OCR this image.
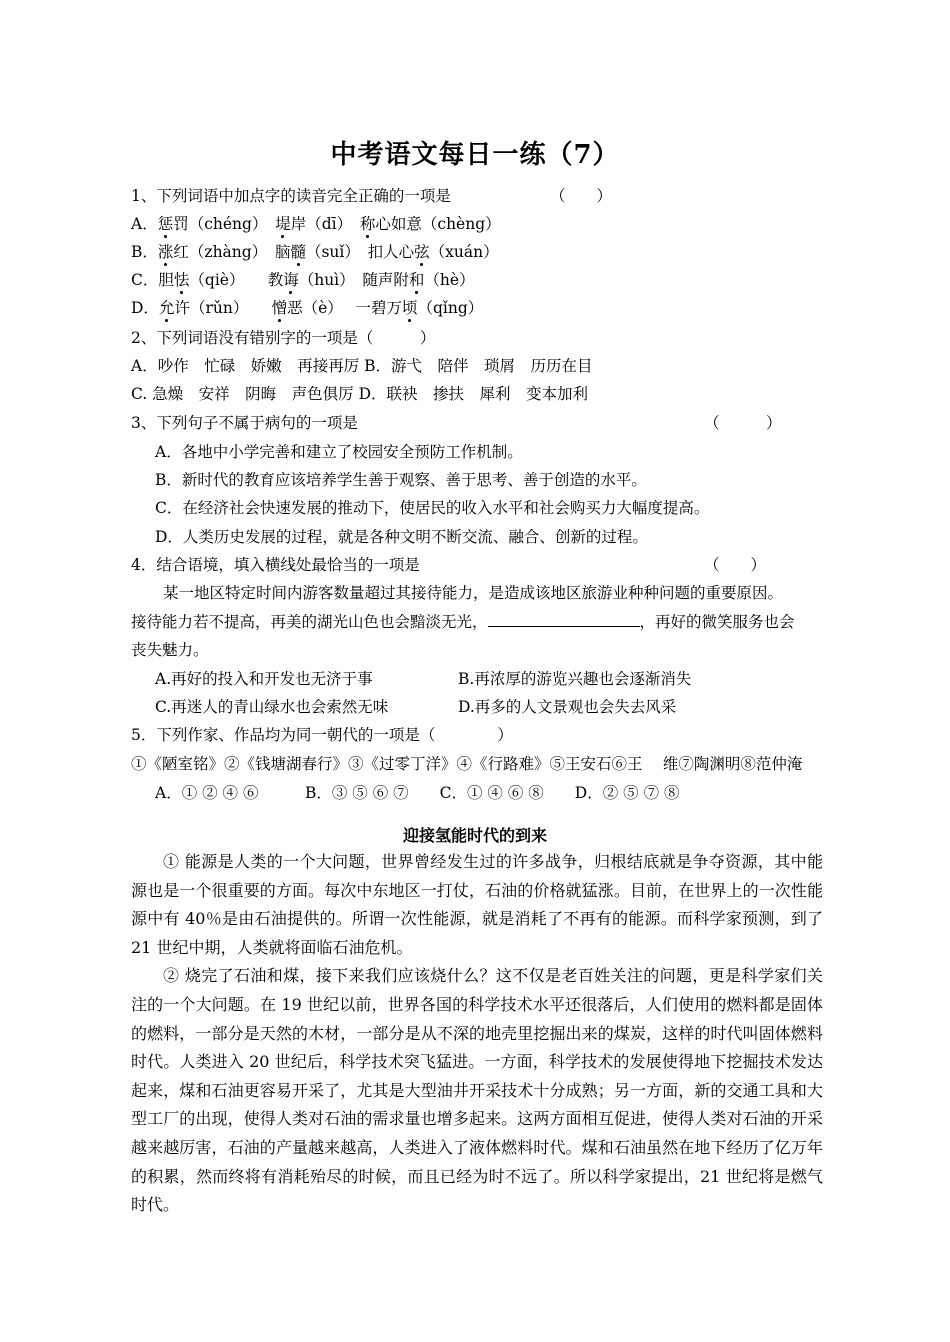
中考语文每日一练（7）
1、下列词语中加点字的读音完全正确的一项是	（　　）
A．惩罚（chéng）　堤岸（dī）　称心如意（chèng）
B．涨红（zhàng）　脑髓（suǐ）　扣人心弦（xuán）
C．胆怯（qiè）　　教诲（huì）　随声附和（hè）
D．允许（rǔn）　　憎恶（è）　 一碧万顷（qǐng）
2、下列词语没有错别字的一项是（　　　）
A．吵作　忙碌　娇嫩　再接再厉 B．游弋　陪伴　琐屑　历历在目
C. 急燥　安祥　阴晦　声色俱厉 D．联袂　掺扶　犀利　变本加利
3、下列句子不属于病句的一项是	（　　　）
A．各地中小学完善和建立了校园安全预防工作机制。
B．新时代的教育应该培养学生善于观察、善于思考、善于创造的水平。
C．在经济社会快速发展的推动下，使居民的收入水平和社会购买力大幅度提高。
D．人类历史发展的过程，就是各种文明不断交流、融合、创新的过程。
4．结合语境，填入横线处最恰当的一项是	（　　）
某一地区特定时间内游客数量超过其接待能力，是造成该地区旅游业种种问题的重要原因。
接待能力若不提高，再美的湖光山色也会黯淡无光，	，再好的微笑服务也会
丧失魅力。
A.再好的投入和开发也无济于事	B.再浓厚的游览兴趣也会逐渐消失
C.再迷人的青山绿水也会索然无味	D.再多的人文景观也会失去风采
5．下列作家、作品均为同一朝代的一项是（　　　　）
①《陋室铭》②《钱塘湖春行》③《过零丁洋》④《行路难》⑤王安石⑥王　 维⑦陶渊明⑧范仲淹
A．① ② ④ ⑥　　　B．③ ⑤ ⑥ ⑦　　C．① ④ ⑥ ⑧　　D．② ⑤ ⑦ ⑧
迎接氢能时代的到来

① 能源是人类的一个大问题，世界曾经发生过的许多战争，归根结底就是争夺资源，其中能源也是一个很重要的方面。每次中东地区一打仗，石油的价格就猛涨。目前，在世界上的一次性能源中有 40％是由石油提供的。所谓一次性能源，就是消耗了不再有的能源。而科学家预测，到了 21 世纪中期，人类就将面临石油危机。

② 烧完了石油和煤，接下来我们应该烧什么？这不仅是老百姓关注的问题，更是科学家们关注的一个大问题。在 19 世纪以前，世界各国的科学技术水平还很落后，人们使用的燃料都是固体的燃料，一部分是天然的木材，一部分是从不深的地壳里挖掘出来的煤炭，这样的时代叫固体燃料时代。人类进入 20 世纪后，科学技术突飞猛进。一方面，科学技术的发展使得地下挖掘技术发达起来，煤和石油更容易开采了，尤其是大型油井开采技术十分成熟；另一方面，新的交通工具和大型工厂的出现，使得人类对石油的需求量也增多起来。这两方面相互促进，使得人类对石油的开采越来越厉害，石油的产量越来越高，人类进入了液体燃料时代。煤和石油虽然在地下经历了亿万年的积累，然而终将有消耗殆尽的时候，而且已经为时不远了。所以科学家提出，21 世纪将是燃气时代。
